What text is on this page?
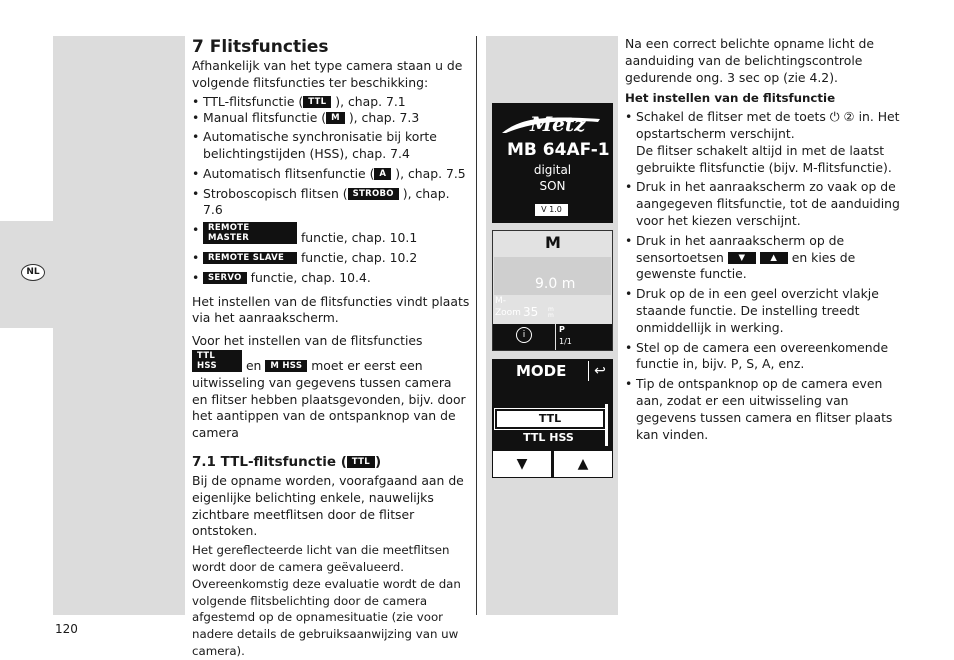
NL
7 Flitsfuncties

Afhankelijk van het type camera staan u de volgende flitsfuncties ter beschikking:

• TTL-flitsfunctie ( TTL ), chap. 7.1

• Manual flitsfunctie ( M ), chap. 7.3

• Automatische synchronisatie bij korte belichtingstijden (HSS), chap. 7.4

• Automatisch flitsenfunctie ( A ), chap. 7.5

• Stroboscopisch flitsen ( STROBO ), chap. 7.6

• REMOTE MASTER	functie, chap. 10.1

• REMOTE SLAVE functie, chap. 10.2

• SERVO functie, chap. 10.4.

Het instellen van de flitsfuncties vindt plaats via het aanraakscherm.

Voor het instellen van de flitsfuncties
TTL HSS en M HSS moet er eerst een uitwisseling van gegevens tussen camera en flitser hebben plaatsgevonden, bijv. door het aantippen van de ontspanknop van de camera

7.1 TTL-flitsfunctie ( TTL )

Bij de opname worden, voorafgaand aan de eigenlijke belichting enkele, nauwelijks zichtbare meetflitsen door de flitser ontstoken.

Het gereflecteerde licht van die meetflitsen wordt door de camera geëvalueerd. Overeenkomstig deze evaluatie wordt de dan volgende flitsbelichting door de camera afgestemd op de opnamesituatie (zie voor nadere details de gebruiksaanwijzing van uw camera).

Metz
MB 64AF-1
digital
SON
V 1.0
M
9.0 m
M-
Zoom 35 mm
i
P
1/1
MODE	↩
TTL
TTL HSS
▼	▲

Na een correct belichte opname licht de aanduiding van de belichtingscontrole gedurende ong. 3 sec op (zie 4.2).

Het instellen van de flitsfunctie

• Schakel de flitser met de toets ⏻ ② in. Het opstartscherm verschijnt.
De flitser schakelt altijd in met de laatst gebruikte flitsfunctie (bijv. M-flitsfunctie).

• Druk in het aanraakscherm zo vaak op de aangegeven flitsfunctie, tot de aanduiding voor het kiezen verschijnt.

• Druk in het aanraakscherm op de sensortoetsen ▼	▲ en kies de gewenste functie.

• Druk op de in een geel overzicht vlakje staande functie. De instelling treedt onmiddellijk in werking.

• Stel op de camera een overeenkomende functie in, bijv. P, S, A, enz.

• Tip de ontspanknop op de camera even aan, zodat er een uitwisseling van gegevens tussen camera en flitser plaats kan vinden.

120
